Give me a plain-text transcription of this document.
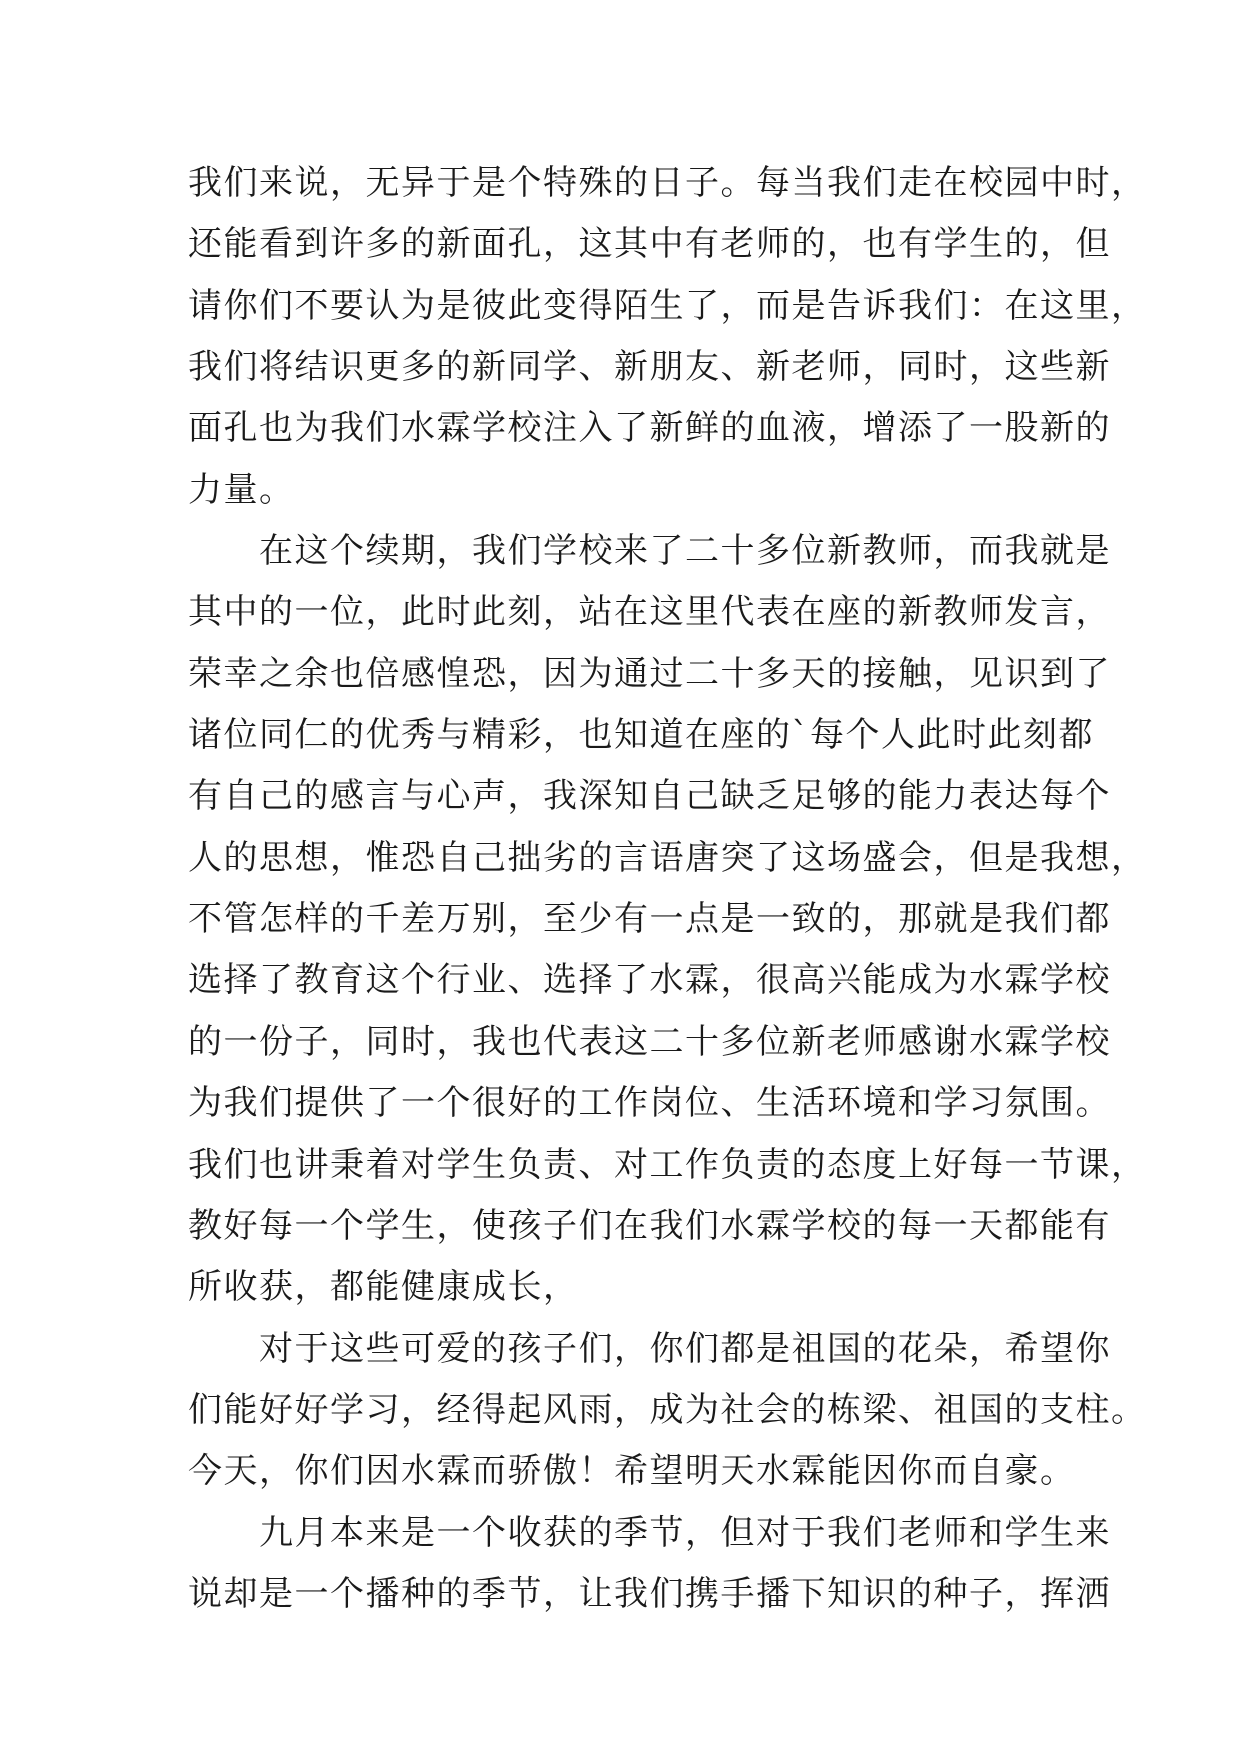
我们来说，无异于是个特殊的日子。每当我们走在校园中时，
还能看到许多的新面孔，这其中有老师的，也有学生的，但
请你们不要认为是彼此变得陌生了，而是告诉我们：在这里，
我们将结识更多的新同学、新朋友、新老师，同时，这些新
面孔也为我们水霖学校注入了新鲜的血液，增添了一股新的
力量。
　　在这个续期，我们学校来了二十多位新教师，而我就是
其中的一位，此时此刻，站在这里代表在座的新教师发言，
荣幸之余也倍感惶恐，因为通过二十多天的接触，见识到了
诸位同仁的优秀与精彩，也知道在座的`每个人此时此刻都
有自己的感言与心声，我深知自己缺乏足够的能力表达每个
人的思想，惟恐自己拙劣的言语唐突了这场盛会，但是我想，
不管怎样的千差万别，至少有一点是一致的，那就是我们都
选择了教育这个行业、选择了水霖，很高兴能成为水霖学校
的一份子，同时，我也代表这二十多位新老师感谢水霖学校
为我们提供了一个很好的工作岗位、生活环境和学习氛围。
我们也讲秉着对学生负责、对工作负责的态度上好每一节课，
教好每一个学生，使孩子们在我们水霖学校的每一天都能有
所收获，都能健康成长，
　　对于这些可爱的孩子们，你们都是祖国的花朵，希望你
们能好好学习，经得起风雨，成为社会的栋梁、祖国的支柱。
今天，你们因水霖而骄傲！希望明天水霖能因你而自豪。
　　九月本来是一个收获的季节，但对于我们老师和学生来
说却是一个播种的季节，让我们携手播下知识的种子，挥洒
